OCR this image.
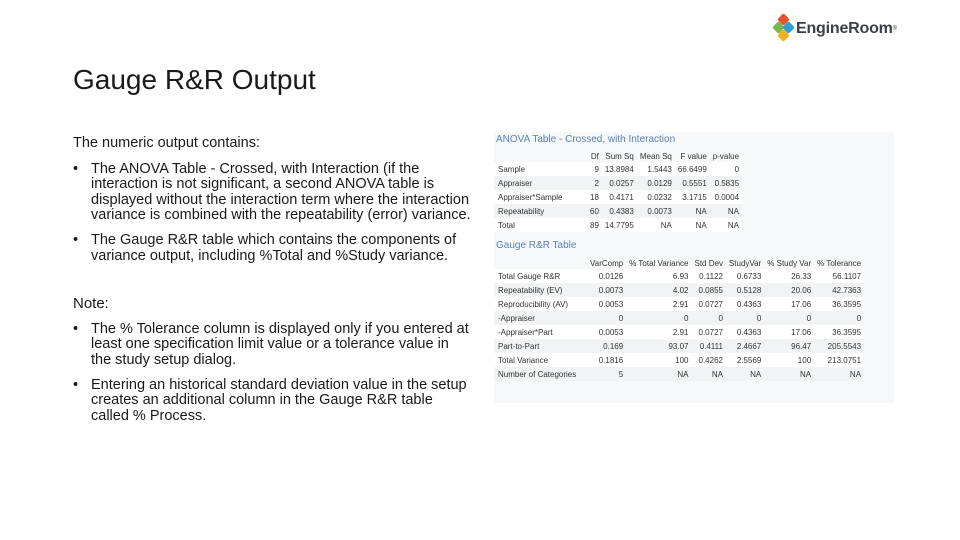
EngineRoom ®
Gauge R&R Output

The numeric output contains:

• The ANOVA Table - Crossed, with Interaction (if the interaction is not significant, a second ANOVA table is displayed without the interaction term where the interaction variance is combined with the repeatability (error) variance.
• The Gauge R&R table which contains the components of variance output, including %Total and %Study variance.

Note:

• The % Tolerance column is displayed only if you entered at least one specification limit value or a tolerance value in the study setup dialog.
• Entering an historical standard deviation value in the setup creates an additional column in the Gauge R&R table called % Process.
ANOVA Table - Crossed, with Interaction
	Df	Sum Sq	Mean Sq	F value	p-value
Sample	9	13.8984	1.5443	66.6499	0
Appraiser	2	0.0257	0.0129	0.5551	0.5835
Appraiser*Sample	18	0.4171	0.0232	3.1715	0.0004
Repeatability	60	0.4383	0.0073	NA	NA
Total	89	14.7795	NA	NA	NA
Gauge R&R Table
	VarComp	% Total Variance	Std Dev	StudyVar	% Study Var	% Tolerance
Total Gauge R&R	0.0126	6.93	0.1122	0.6733	26.33	56.1107
Repeatability (EV)	0.0073	4.02	0.0855	0.5128	20.06	42.7363
Reproducibility (AV)	0.0053	2.91	0.0727	0.4363	17.06	36.3595
-Appraiser	0	0	0	0	0	0
-Appraiser*Part	0.0053	2.91	0.0727	0.4363	17.06	36.3595
Part-to-Part	0.169	93.07	0.4111	2.4667	96.47	205.5543
Total Variance	0.1816	100	0.4262	2.5569	100	213.0751
Number of Categories	5	NA	NA	NA	NA	NA
